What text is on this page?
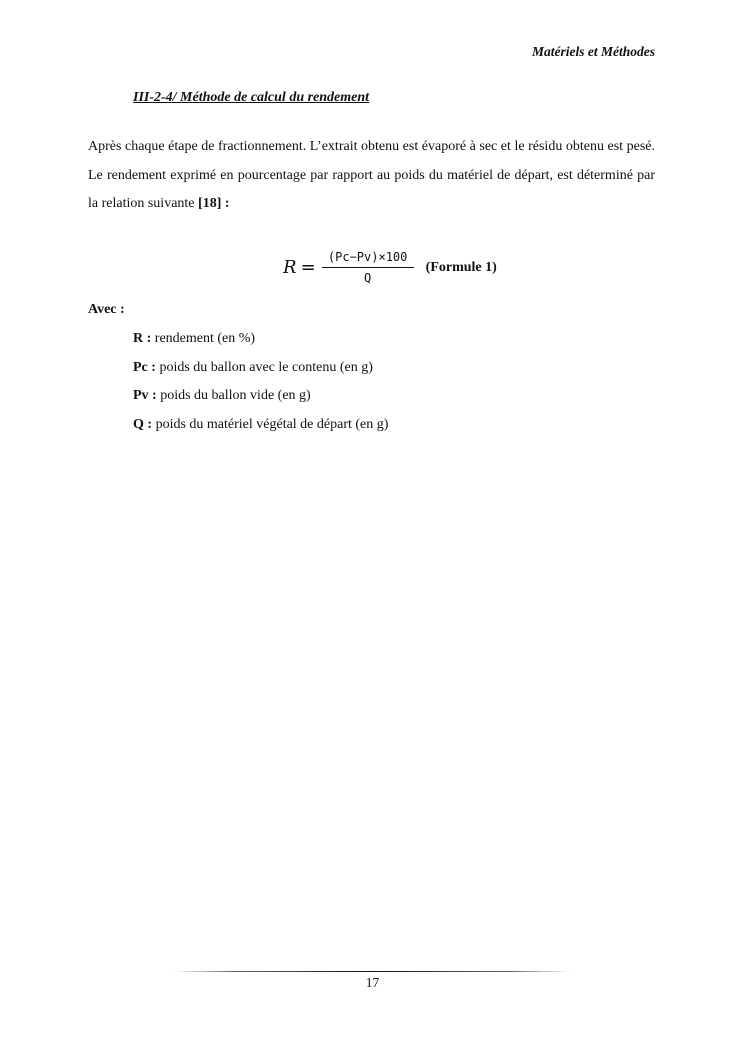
Matériels et Méthodes
III-2-4/ Méthode de calcul du rendement

Après chaque étape de fractionnement. L’extrait obtenu est évaporé à sec et le résidu obtenu est pesé. Le rendement exprimé en pourcentage par rapport au poids du matériel de départ, est déterminé par la relation suivante [18] :

$R = \frac{(Pc-Pv)\times 100}{Q}$ (Formule 1)
Avec :
R : rendement (en %)
Pc : poids du ballon avec le contenu (en g)
Pv : poids du ballon vide (en g)
Q : poids du matériel végétal de départ (en g)
17
